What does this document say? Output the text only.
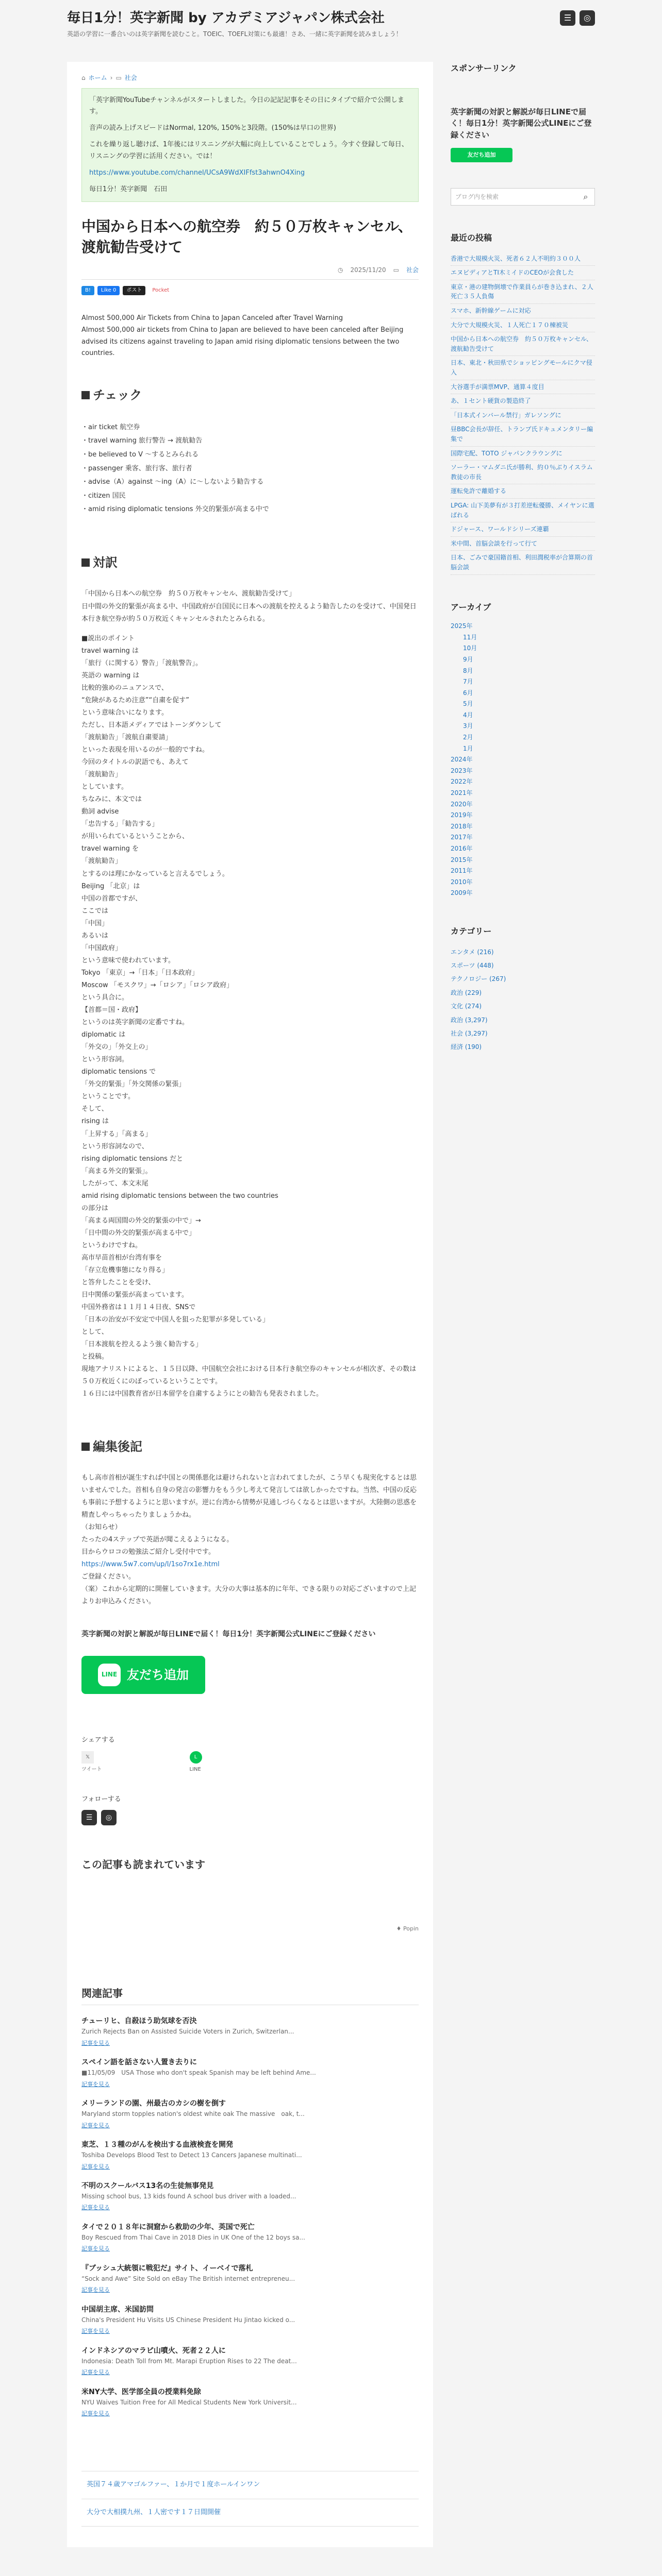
毎日1分！英字新聞 by アカデミアジャパン株式会社
英語の学習に一番合いのは英字新聞を読むこと。TOEIC、TOEFL対策にも最適！さあ、一緒に英字新聞を読みましょう！
☰	◎
⌂ ホーム › ▭ 社会

「英字新聞YouTubeチャンネルがスタートしました。今日の記記記事をその日にタイプで紹介で公開します。

音声の読み上げスピードはNormal, 120%, 150%と3段階。(150%は早口の世界)

これを繰り返し聴けば、1年後にはリスニングが大幅に向上していることでしょう。今すぐ登録して毎日、リスニングの学習に活用ください。では！

https://www.youtube.com/channel/UCsA9WdXIFfst3ahwnO4Xing

毎日1分！英字新聞　石田

中国から日本への航空券　約５０万枚キャンセル、渡航勧告受けて
◷ 2025/11/20 ▭ 社会
B!	Like 0	ポスト	Pocket

Almost 500,000 Air Tickets from China to Japan Canceled after Travel Warning
Almost 500,000 air tickets from China to Japan are believed to have been canceled after Beijing advised its citizens against traveling to Japan amid rising diplomatic tensions between the two countries.

チェック
・air ticket 航空券
・travel warning 旅行警告 → 渡航勧告
・be believed to V ～するとみられる
・passenger 乗客、旅行客、旅行者
・advise（A）against ～ing（A）に～しないよう勧告する
・citizen 国民
・amid rising diplomatic tensions 外交的緊張が高まる中で
対訳

「中国から日本への航空券　約５０万枚キャンセル、渡航勧告受けて」

日中間の外交的緊張が高まる中、中国政府が自国民に日本への渡航を控えるよう勧告したのを受けて、中国発日本行き航空券が約５０万枚近くキャンセルされたとみられる。

■説出のポイント

travel warning は

「旅行（に関する）警告」「渡航警告」。

英語の warning は

比較的強めのニュアンスで、

“危険があるため注意”“自粛を促す”

という意味合いになります。

ただし、日本語メディアではトーンダウンして

「渡航勧告」「渡航自粛要請」

といった表現を用いるのが一般的ですね。

今回のタイトルの訳語でも、あえて

「渡航勧告」

としています。

ちなみに、本文では

動詞 advise

「忠告する」「勧告する」

が用いられているということから、

travel warning を

「渡航勧告」

とするのは理にかなっていると言えるでしょう。

Beijing 「北京」は

中国の首都ですが、

ここでは

「中国」

あるいは

「中国政府」

という意味で使われています。

Tokyo 「東京」→「日本」「日本政府」

Moscow 「モスクワ」→「ロシア」「ロシア政府」

という具合に。

【首都＝国・政府】

というのは英字新聞の定番ですね。

diplomatic は

「外交の」「外交上の」

という形容詞。

diplomatic tensions で

「外交的緊張」「外交関係の緊張」

ということです。

そして、

rising は

「上昇する」「高まる」

という形容詞なので、

rising diplomatic tensions だと

「高まる外交的緊張」。

したがって、本文末尾

amid rising diplomatic tensions between the two countries

の部分は

「高まる両国間の外交的緊張の中で」→

「日中間の外交的緊張が高まる中で」

というわけですね。

高市早苗首相が台湾有事を

「存立危機事態になり得る」

と答弁したことを受け、

日中関係の緊張が高まっています。

中国外務省は１１月１４日夜、SNSで

「日本の治安が不安定で中国人を狙った犯罪が多発している」

として、

「日本渡航を控えるよう強く勧告する」

と投稿。

現地アナリストによると、１５日以降、中国航空会社における日本行き航空券のキャンセルが相次ぎ、その数は５０万枚近くにのぼっているということです。

１６日には中国教育省が日本留学を自粛するようにとの勧告も発表されました。

編集後記

もし高市首相が誕生すれば中国との関係悪化は避けられないと言われてましたが、こう早くも現実化するとは思いませんでした。首相も自身の発言の影響力をもう少し考えて発言しては欲しかったですね。当然、中国の反応も事前に予想するようにと思いますが。逆に台湾から情勢が見通しづらくなるとは思いますが。大陸側の思惑を精査しやっちゃったりましょうかね。

（お知らせ）

たったの4ステップで英語が聞こえるようになる。

目からウロコの勉強法ご紹介し受付中です。

https://www.5w7.com/up/l/1so7rx1e.html

ご登録ください。

（案）これから定期的に開催していきます。大分の大事は基本的に年年、できる限りの対応ございますので上記よりお申込みください。

英字新聞の対訳と解説が毎日LINEで届く！毎日1分！英字新聞公式LINEにご登録ください
LINE 友だち追加
シェアする
𝕏
ツイート
L
LINE
フォローする
☰	◎
この記事も読まれています
♦ Popin
関連記事
チューリヒ、自殺ほう助気球を否決
Zurich Rejects Ban on Assisted Suicide Voters in Zurich, Switzerlan...
記事を見る
スペイン語を話さない人置き去りに
■11/05/09　USA Those who don't speak Spanish may be left behind Ame...
記事を見る
メリーランドの園、州最古のカシの樹を倒す
Maryland storm topples nation's oldest white oak The massive　oak, t...
記事を見る
東芝、１３種のがんを検出する血液検査を開発
Toshiba Develops Blood Test to Detect 13 Cancers Japanese multinati...
記事を見る
不明のスクールバス13名の生徒無事発見
Missing school bus, 13 kids found A school bus driver with a loaded...
記事を見る
タイで２０１８年に洞窟から救助の少年、英国で死亡
Boy Rescued from Thai Cave in 2018 Dies in UK One of the 12 boys sa...
記事を見る
『ブッシュ大統領に戦犯だ』サイト、イーベイで落札
“Sock and Awe” Site Sold on eBay The British internet entrepreneu...
記事を見る
中国胡主席、米国訪問
China's President Hu Visits US Chinese President Hu Jintao kicked o...
記事を見る
インドネシアのマラピ山噴火、死者２２人に
Indonesia: Death Toll from Mt. Marapi Eruption Rises to 22 The deat...
記事を見る
米NY大学、医学部全員の授業料免除
NYU Waives Tuition Free for All Medical Students New York Universit...
記事を見る
英国７４歳アマゴルファー、１か月で１度ホールインワン
大分で大相撲九州、１人密です１７日間開催
スポンサーリンク
英字新聞の対訳と解説が毎日LINEで届く！毎日1分！英字新聞公式LINEにご登録ください
友だち追加
ブログ内を検索	⌕
最近の投稿
香港で大規模火災、死者６２人不明約３００人
エヌビディアとTI木ミイドのCEOが会食した
東京・港の建物倒壊で作業員らが巻き込まれ、２人死亡３５人負傷
スマホ、新幹線ゲームに対応
大分で大規模火災、１人死亡１７０棟被災
中国から日本への航空券　約５０万枚キャンセル、渡航勧告受けて
日本、東北・秋田県でショッピングモールにクマ侵入
大谷選手が満票MVP、通算４度目
あ、１セント硬貨の製造終了
「日本式インバール禁行」ガレソングに
昼BBC会長が辞任、トランプ氏ドキュメンタリー編集で
国際宅配、TOTO ジャパンクラウングに
ソーラー・マムダニ氏が勝利、約０％ぶりイスラム教徒の市長
運転免許で離婚する
LPGA: 山下美夢有が３打差逆転優勝、メイヤンに選ばれる
ドジャース、ワールドシリーズ連覇
米中間、首脳会談を行って行て
日本、ごみで豪国籍首相、利田潤税率が合算期の首脳会談
アーカイブ
2025年
11月
10月
9月
8月
7月
6月
5月
4月
3月
2月
1月
2024年
2023年
2022年
2021年
2020年
2019年
2018年
2017年
2016年
2015年
2011年
2010年
2009年
カテゴリー
エンタメ (216)
スポーツ (448)
テクノロジー (267)
政治 (229)
文化 (274)
政治 (3,297)
社会 (3,297)
経済 (190)
